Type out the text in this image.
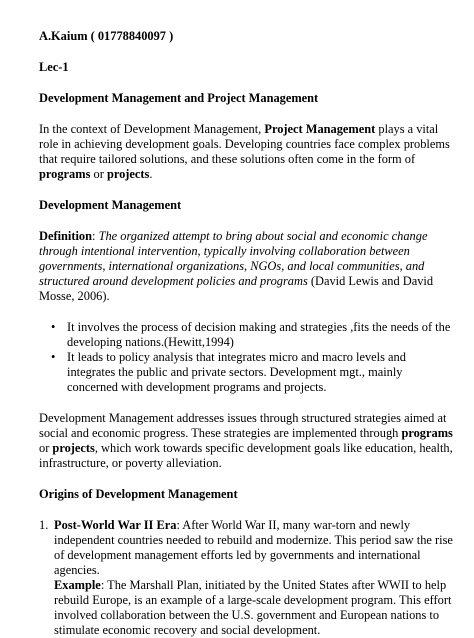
A.Kaium ( 01778840097 )

Lec-1

Development Management and Project Management

In the context of Development Management, Project Management plays a vital role in achieving development goals. Developing countries face complex problems that require tailored solutions, and these solutions often come in the form of programs or projects.

Development Management

Definition: The organized attempt to bring about social and economic change through intentional intervention, typically involving collaboration between governments, international organizations, NGOs, and local communities, and structured around development policies and programs (David Lewis and David Mosse, 2006).

• It involves the process of decision making and strategies ,fits the needs of the developing nations.(Hewitt,1994)
• It leads to policy analysis that integrates micro and macro levels and integrates the public and private sectors. Development mgt., mainly concerned with development programs and projects.

Development Management addresses issues through structured strategies aimed at social and economic progress. These strategies are implemented through programs or projects, which work towards specific development goals like education, health, infrastructure, or poverty alleviation.

Origins of Development Management

1. Post-World War II Era: After World War II, many war-torn and newly independent countries needed to rebuild and modernize. This period saw the rise of development management efforts led by governments and international agencies.
Example: The Marshall Plan, initiated by the United States after WWII to help rebuild Europe, is an example of a large-scale development program. This effort involved collaboration between the U.S. government and European nations to stimulate economic recovery and social development.
